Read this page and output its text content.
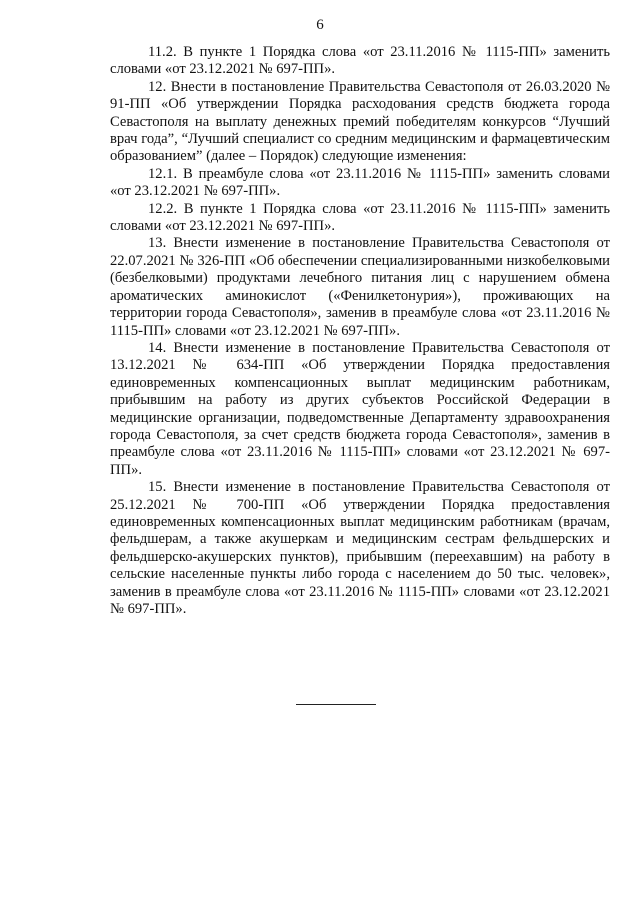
6

11.2. В пункте 1 Порядка слова «от 23.11.2016 № 1115-ПП» заменить словами «от 23.12.2021 № 697-ПП».

12. Внести в постановление Правительства Севастополя от 26.03.2020 № 91-ПП «Об утверждении Порядка расходования средств бюджета города Севастополя на выплату денежных премий победителям конкурсов “Лучший врач года”, “Лучший специалист со средним медицинским и фармацевтическим образованием” (далее – Порядок) следующие изменения:

12.1. В преамбуле слова «от 23.11.2016 № 1115-ПП» заменить словами «от 23.12.2021 № 697-ПП».

12.2. В пункте 1 Порядка слова «от 23.11.2016 № 1115-ПП» заменить словами «от 23.12.2021 № 697-ПП».

13. Внести изменение в постановление Правительства Севастополя от 22.07.2021 № 326-ПП «Об обеспечении специализированными низкобелковыми (безбелковыми) продуктами лечебного питания лиц с нарушением обмена ароматических аминокислот («Фенилкетонурия»), проживающих на территории города Севастополя», заменив в преамбуле слова «от 23.11.2016 № 1115-ПП» словами «от 23.12.2021 № 697-ПП».

14. Внести изменение в постановление Правительства Севастополя от 13.12.2021 № 634-ПП «Об утверждении Порядка предоставления единовременных компенсационных выплат медицинским работникам, прибывшим на работу из других субъектов Российской Федерации в медицинские организации, подведомственные Департаменту здравоохранения города Севастополя, за счет средств бюджета города Севастополя», заменив в преамбуле слова «от 23.11.2016 № 1115-ПП» словами «от 23.12.2021 № 697-ПП».

15. Внести изменение в постановление Правительства Севастополя от 25.12.2021 № 700-ПП «Об утверждении Порядка предоставления единовременных компенсационных выплат медицинским работникам (врачам, фельдшерам, а также акушеркам и медицинским сестрам фельдшерских и фельдшерско-акушерских пунктов), прибывшим (переехавшим) на работу в сельские населенные пункты либо города с населением до 50 тыс. человек», заменив в преамбуле слова «от 23.11.2016 № 1115-ПП» словами «от 23.12.2021 № 697-ПП».
